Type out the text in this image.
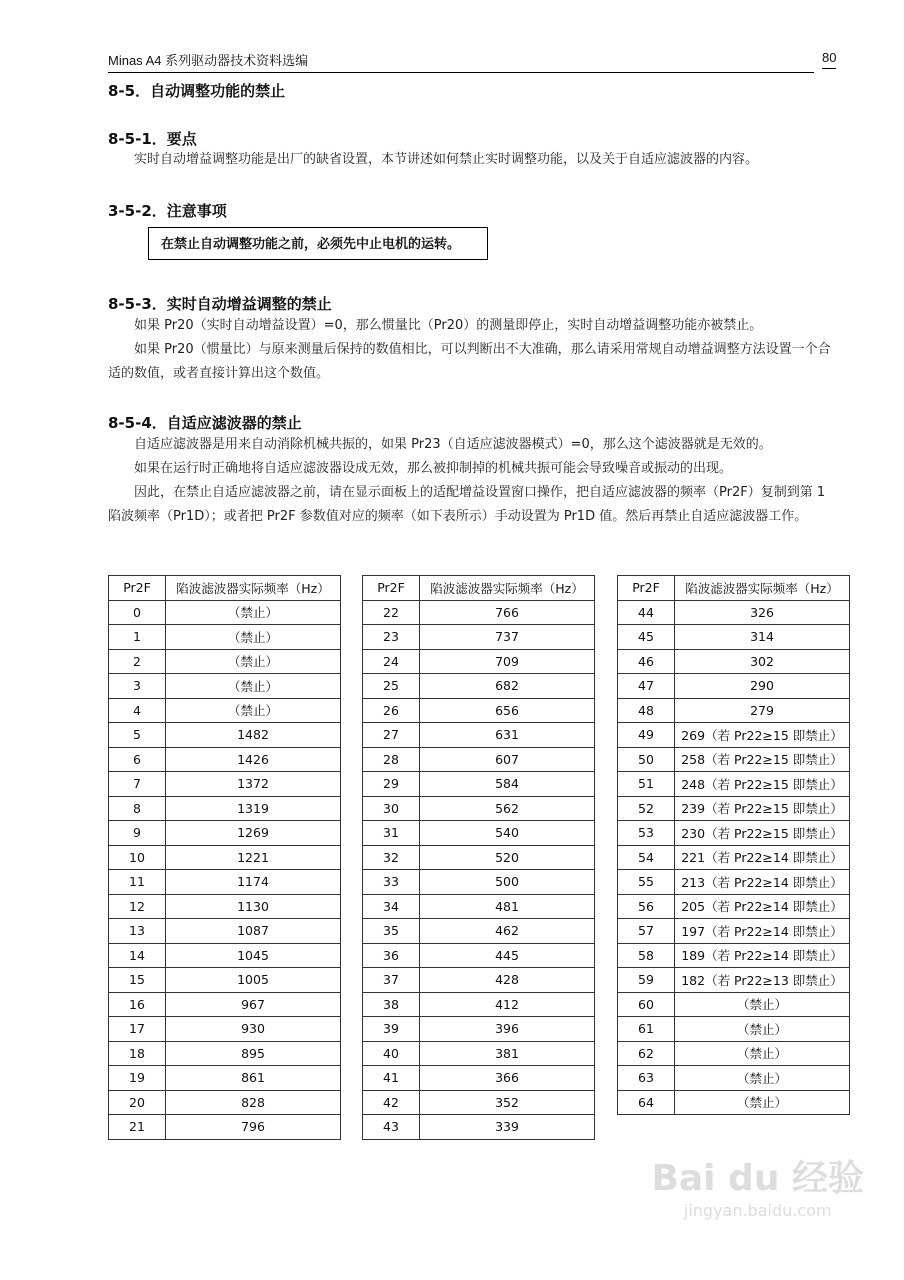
Minas A4 系列驱动器技术资料选编	80
8-5．自动调整功能的禁止
8-5-1．要点
实时自动增益调整功能是出厂的缺省设置，本节讲述如何禁止实时调整功能，以及关于自适应滤波器的内容。
3-5-2．注意事项
在禁止自动调整功能之前，必须先中止电机的运转。
8-5-3．实时自动增益调整的禁止
如果 Pr20（实时自动增益设置）=0，那么惯量比（Pr20）的测量即停止，实时自动增益调整功能亦被禁止。
如果 Pr20（惯量比）与原来测量后保持的数值相比，可以判断出不大准确，那么请采用常规自动增益调整方法设置一个合适的数值，或者直接计算出这个数值。
8-5-4．自适应滤波器的禁止
自适应滤波器是用来自动消除机械共振的，如果 Pr23（自适应滤波器模式）=0，那么这个滤波器就是无效的。
如果在运行时正确地将自适应滤波器设成无效，那么被抑制掉的机械共振可能会导致噪音或振动的出现。
因此，在禁止自适应滤波器之前，请在显示面板上的适配增益设置窗口操作，把自适应滤波器的频率（Pr2F）复制到第 1 陷波频率（Pr1D）；或者把 Pr2F 参数值对应的频率（如下表所示）手动设置为 Pr1D 值。然后再禁止自适应滤波器工作。
Pr2F	陷波滤波器实际频率（Hz）
0	（禁止）
1	（禁止）
2	（禁止）
3	（禁止）
4	（禁止）
5	1482
6	1426
7	1372
8	1319
9	1269
10	1221
11	1174
12	1130
13	1087
14	1045
15	1005
16	967
17	930
18	895
19	861
20	828
21	796
Pr2F	陷波滤波器实际频率（Hz）
22	766
23	737
24	709
25	682
26	656
27	631
28	607
29	584
30	562
31	540
32	520
33	500
34	481
35	462
36	445
37	428
38	412
39	396
40	381
41	366
42	352
43	339
Pr2F	陷波滤波器实际频率（Hz）
44	326
45	314
46	302
47	290
48	279
49	269（若 Pr22≥15 即禁止）
50	258（若 Pr22≥15 即禁止）
51	248（若 Pr22≥15 即禁止）
52	239（若 Pr22≥15 即禁止）
53	230（若 Pr22≥15 即禁止）
54	221（若 Pr22≥14 即禁止）
55	213（若 Pr22≥14 即禁止）
56	205（若 Pr22≥14 即禁止）
57	197（若 Pr22≥14 即禁止）
58	189（若 Pr22≥14 即禁止）
59	182（若 Pr22≥13 即禁止）
60	（禁止）
61	（禁止）
62	（禁止）
63	（禁止）
64	（禁止）
Bai du 经验
jingyan.baidu.com
